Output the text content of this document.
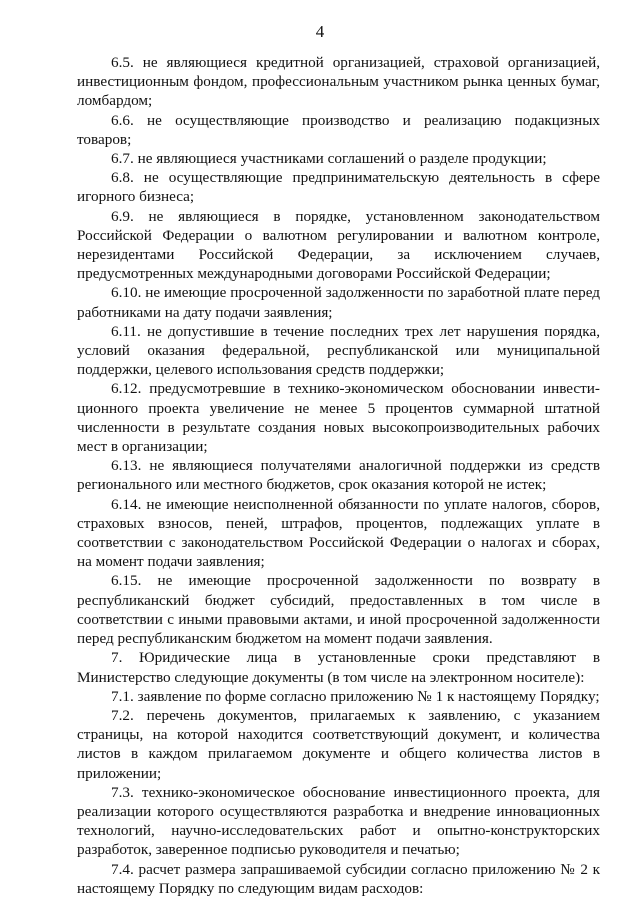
4

6.5. не являющиеся кредитной организацией, страховой организацией, инвестиционным фондом, профессиональным участником рынка ценных бумаг, ломбардом;

6.6. не осуществляющие производство и реализацию подакцизных товаров;

6.7. не являющиеся участниками соглашений о разделе продукции;

6.8. не осуществляющие предпринимательскую деятельность в сфере игорного бизнеса;

6.9. не являющиеся в порядке, установленном законодательством Российской Федерации о валютном регулировании и валютном контроле, нерезидентами Российской Федерации, за исключением случаев, предусмотренных международными договорами Российской Федерации;

6.10. не имеющие просроченной задолженности по заработной плате перед работниками на дату подачи заявления;

6.11. не допустившие в течение последних трех лет нарушения порядка, условий оказания федеральной, республиканской или муниципальной поддержки, целевого использования средств поддержки;

6.12. предусмотревшие в технико-экономическом обосновании инвести-ционного проекта увеличение не менее 5 процентов суммарной штатной численности в результате создания новых высокопроизводительных рабочих мест в организации;

6.13. не являющиеся получателями аналогичной поддержки из средств регионального или местного бюджетов, срок оказания которой не истек;

6.14. не имеющие неисполненной обязанности по уплате налогов, сборов, страховых взносов, пеней, штрафов, процентов, подлежащих уплате в соответствии с законодательством Российской Федерации о налогах и сборах, на момент подачи заявления;

6.15. не имеющие просроченной задолженности по возврату в республиканский бюджет субсидий, предоставленных в том числе в соответствии с иными правовыми актами, и иной просроченной задолженности перед республиканским бюджетом на момент подачи заявления.

7. Юридические лица в установленные сроки представляют в Министерство следующие документы (в том числе на электронном носителе):

7.1. заявление по форме согласно приложению № 1 к настоящему Порядку;

7.2. перечень документов, прилагаемых к заявлению, с указанием страницы, на которой находится соответствующий документ, и количества листов в каждом прилагаемом документе и общего количества листов в приложении;

7.3. технико-экономическое обоснование инвестиционного проекта, для реализации которого осуществляются разработка и внедрение инновационных технологий, научно-исследовательских работ и опытно-конструкторских разработок, заверенное подписью руководителя и печатью;

7.4. расчет размера запрашиваемой субсидии согласно приложению № 2 к настоящему Порядку по следующим видам расходов:
